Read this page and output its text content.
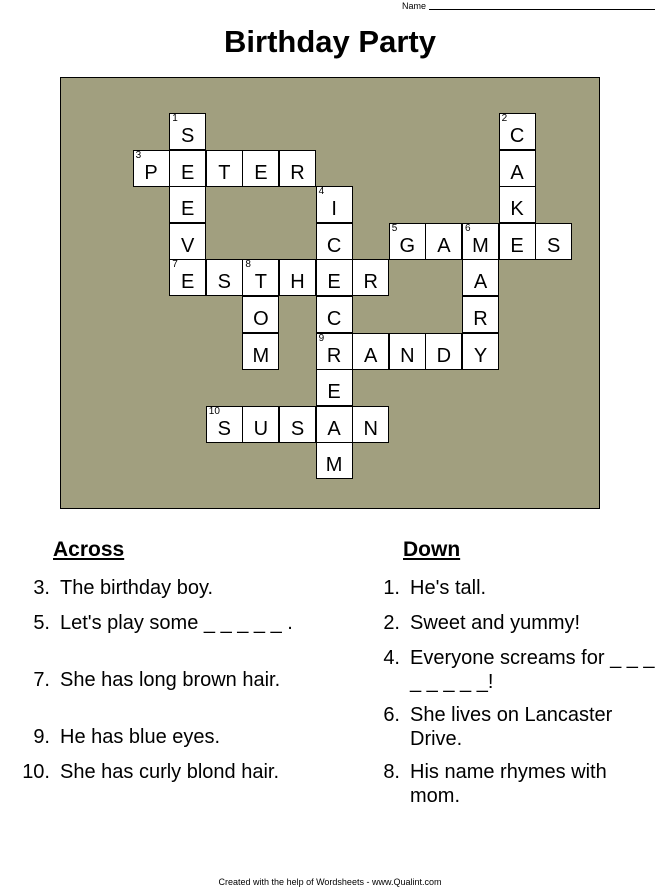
Name
Birthday Party
1
S
2
C
3
P	E	T	E	R	A
E
4
I	K
V	C
5
G	A
6
M	E	S
7
E	S
8
T	H	E	R	A
O	C	R
M
9
R	A	N	D	Y
E
10
S	U	S	A	N
M
Across
3. The birthday boy.
5. Let's play some _ _ _ _ _ .
7. She has long brown hair.
9. He has blue eyes.
10. She has curly blond hair.
Down
1. He's tall.
2. Sweet and yummy!
4. Everyone screams for _ _ _ _ _ _ _ _!
6. She lives on Lancaster Drive.
8. His name rhymes with mom.
Created with the help of Wordsheets - www.Qualint.com
